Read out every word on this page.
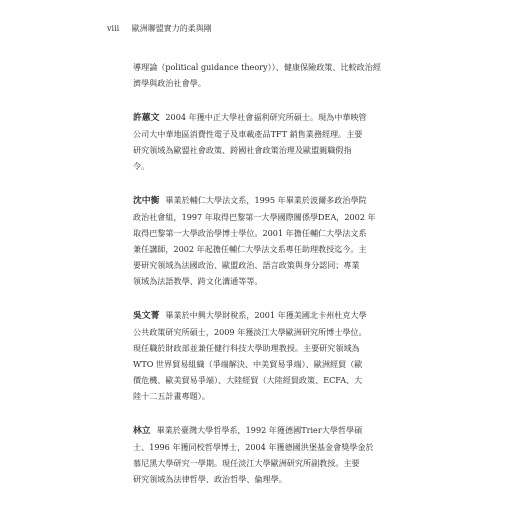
viii 歐洲聯盟實力的柔與剛

導理論（political guidance theory））、健康保險政策、比較政治經
濟學與政治社會學。

許蕙文 2004 年獲中正大學社會福利研究所碩士。現為中華映管
公司大中華地區消費性電子及車載產品TFT 銷售業務經理。主要
研究領域為歐盟社會政策、跨國社會政策治理及歐盟親職假指
令。

沈中衡 畢業於輔仁大學法文系，1995 年畢業於波爾多政治學院
政治社會組，1997 年取得巴黎第一大學國際關係學DEA，2002 年
取得巴黎第一大學政治學博士學位。2001 年擔任輔仁大學法文系
兼任講師，2002 年起擔任輔仁大學法文系專任助理教授迄今。主
要研究領域為法國政治、歐盟政治、語言政策與身分認同；專業
領域為法語教學、跨文化溝通等等。

吳文菁 畢業於中興大學財稅系，2001 年獲美國北卡州杜克大學
公共政策研究所碩士，2009 年獲淡江大學歐洲研究所博士學位。
現任職於財政部並兼任健行科技大學助理教授。主要研究領域為
WTO 世界貿易組織（爭端解決、中美貿易爭端）、歐洲經貿（歐
價危機、歐美貿易爭端）、大陸經貿（大陸經貿政策、ECFA、大
陸十二五計畫專題）。

林立 畢業於臺灣大學哲學系，1992 年獲德國Trier大學哲學碩
士、1996 年獲同校哲學博士，2004 年獲德國洪堡基金會獎學金於
慕尼黑大學研究一學期。現任淡江大學歐洲研究所副教授。主要
研究領域為法律哲學、政治哲學、倫理學。
